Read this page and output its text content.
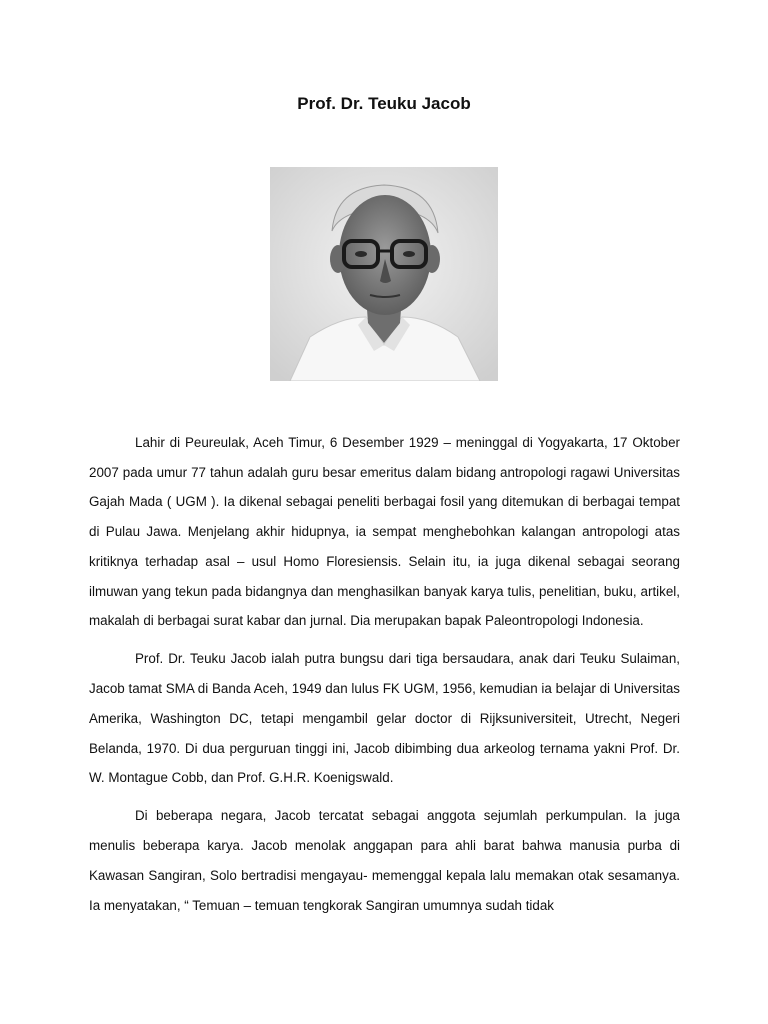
Prof. Dr. Teuku Jacob

Lahir di Peureulak, Aceh Timur, 6 Desember 1929 – meninggal di Yogyakarta, 17 Oktober 2007 pada umur 77 tahun adalah guru besar emeritus dalam bidang antropologi ragawi Universitas Gajah Mada ( UGM ). Ia dikenal sebagai peneliti berbagai fosil yang ditemukan di berbagai tempat di Pulau Jawa. Menjelang akhir hidupnya, ia sempat menghebohkan kalangan antropologi atas kritiknya terhadap asal – usul Homo Floresiensis. Selain itu, ia juga dikenal sebagai seorang ilmuwan yang tekun pada bidangnya dan menghasilkan banyak karya tulis, penelitian, buku, artikel, makalah di berbagai surat kabar dan jurnal. Dia merupakan bapak Paleontropologi Indonesia.

Prof. Dr. Teuku Jacob ialah putra bungsu dari tiga bersaudara, anak dari Teuku Sulaiman, Jacob tamat SMA di Banda Aceh, 1949 dan lulus FK UGM, 1956, kemudian ia belajar di Universitas Amerika, Washington DC, tetapi mengambil gelar doctor di Rijksuniversiteit, Utrecht, Negeri Belanda, 1970. Di dua perguruan tinggi ini, Jacob dibimbing dua arkeolog ternama yakni Prof. Dr. W. Montague Cobb, dan Prof. G.H.R. Koenigswald.

Di beberapa negara, Jacob tercatat sebagai anggota sejumlah perkumpulan. Ia juga menulis beberapa karya. Jacob menolak anggapan para ahli barat bahwa manusia purba di Kawasan Sangiran, Solo bertradisi mengayau- memenggal kepala lalu memakan otak sesamanya. Ia menyatakan, “ Temuan – temuan tengkorak Sangiran umumnya sudah tidak
